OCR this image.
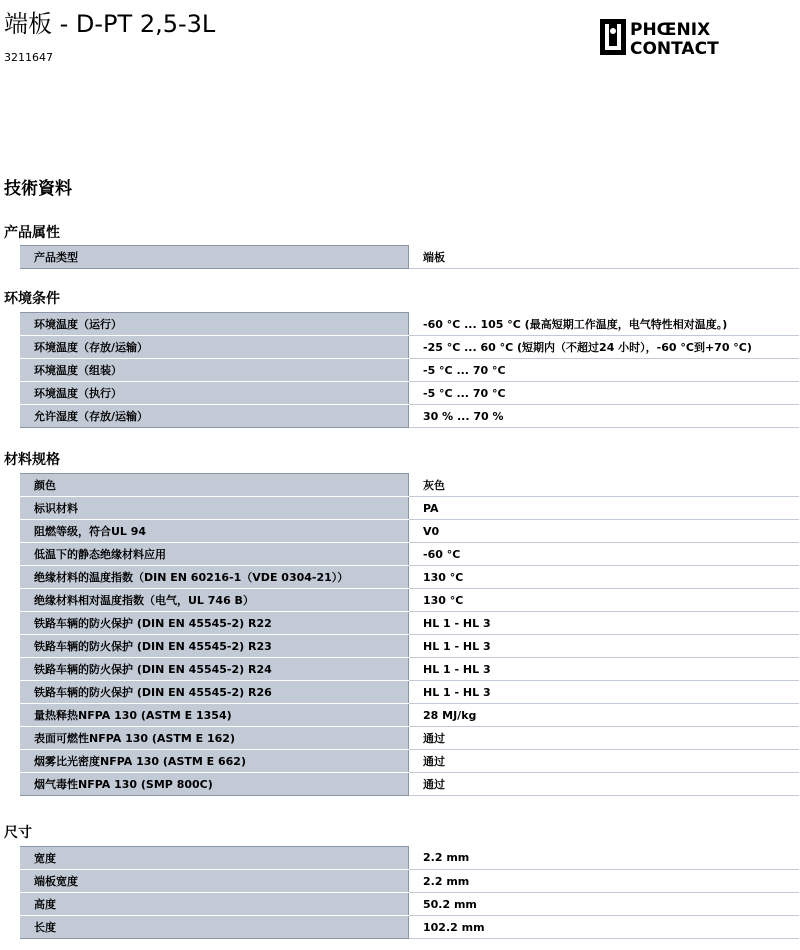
端板 - D-PT 2,5-3L
3211647
PHŒNIX
CONTACT
技術資料
产品属性
产品类型	端板
环境条件
环境温度（运行）	-60 °C ... 105 °C (最高短期工作温度，电气特性相对温度。)
环境温度（存放/运输）	-25 °C ... 60 °C (短期内（不超过24 小时），-60 °C到+70 °C)
环境温度（组装）	-5 °C ... 70 °C
环境温度（执行）	-5 °C ... 70 °C
允许湿度（存放/运输）	30 % ... 70 %
材料规格
颜色	灰色
标识材料	PA
阻燃等级，符合UL 94	V0
低温下的静态绝缘材料应用	-60 °C
绝缘材料的温度指数（DIN EN 60216-1（VDE 0304-21））	130 °C
绝缘材料相对温度指数（电气，UL 746 B）	130 °C
铁路车辆的防火保护 (DIN EN 45545-2) R22	HL 1 - HL 3
铁路车辆的防火保护 (DIN EN 45545-2) R23	HL 1 - HL 3
铁路车辆的防火保护 (DIN EN 45545-2) R24	HL 1 - HL 3
铁路车辆的防火保护 (DIN EN 45545-2) R26	HL 1 - HL 3
量热释热NFPA 130 (ASTM E 1354)	28 MJ/kg
表面可燃性NFPA 130 (ASTM E 162)	通过
烟雾比光密度NFPA 130 (ASTM E 662)	通过
烟气毒性NFPA 130 (SMP 800C)	通过
尺寸
宽度	2.2 mm
端板宽度	2.2 mm
高度	50.2 mm
长度	102.2 mm
